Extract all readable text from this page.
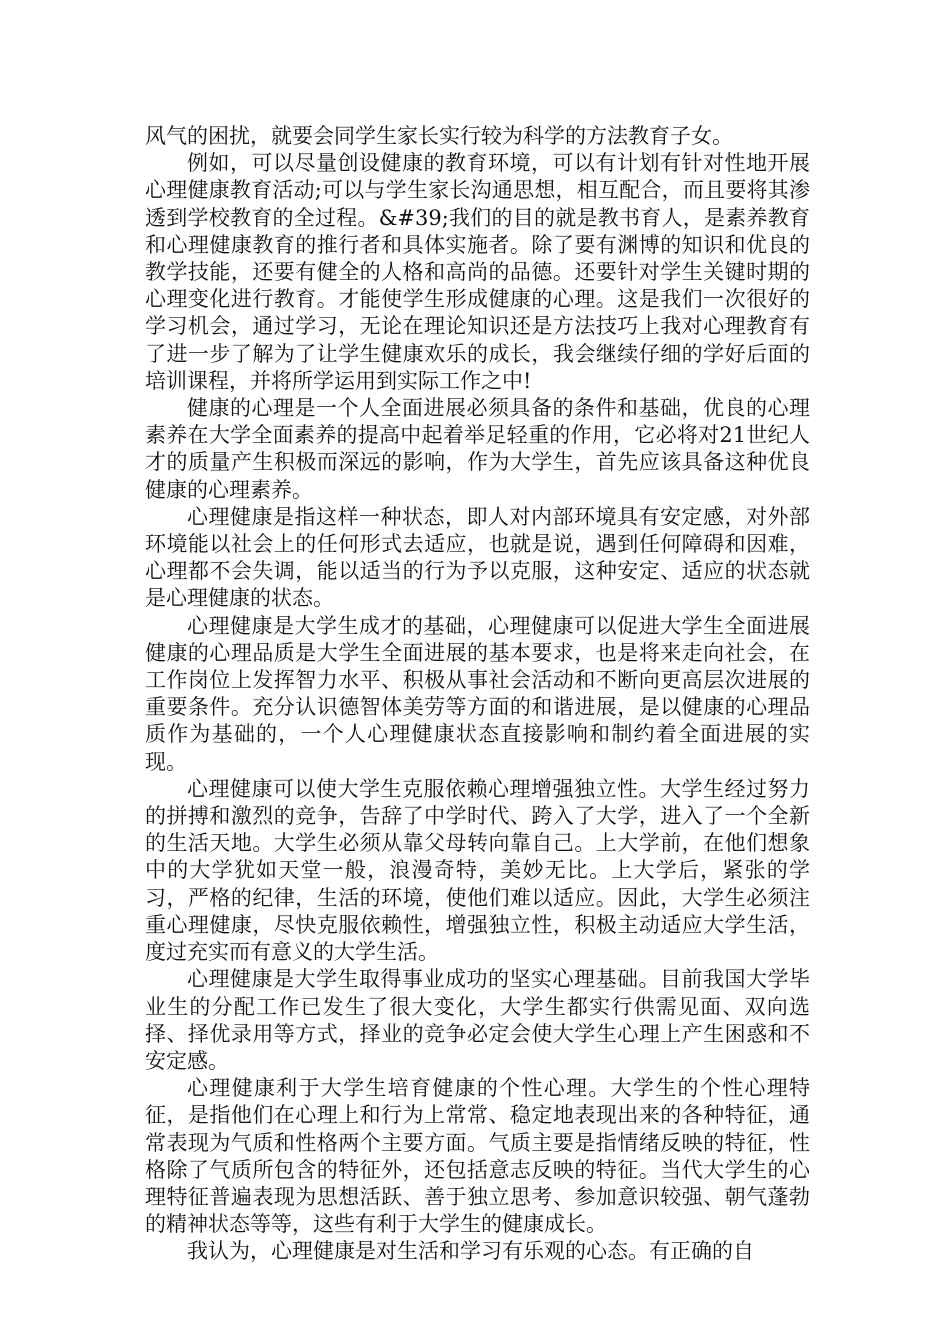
风气的困扰，就要会同学生家长实行较为科学的方法教育子女。

例如，可以尽量创设健康的教育环境，可以有计划有针对性地开展心理健康教育活动;可以与学生家长沟通思想，相互配合，而且要将其渗透到学校教育的全过程。&#39;我们的目的就是教书育人，是素养教育和心理健康教育的推行者和具体实施者。除了要有渊博的知识和优良的教学技能，还要有健全的人格和高尚的品德。还要针对学生关键时期的心理变化进行教育。才能使学生形成健康的心理。这是我们一次很好的学习机会，通过学习，无论在理论知识还是方法技巧上我对心理教育有了进一步了解为了让学生健康欢乐的成长，我会继续仔细的学好后面的培训课程，并将所学运用到实际工作之中!

健康的心理是一个人全面进展必须具备的条件和基础，优良的心理素养在大学全面素养的提高中起着举足轻重的作用，它必将对21世纪人才的质量产生积极而深远的影响，作为大学生，首先应该具备这种优良健康的心理素养。

心理健康是指这样一种状态，即人对内部环境具有安定感，对外部环境能以社会上的任何形式去适应，也就是说，遇到任何障碍和因难，心理都不会失调，能以适当的行为予以克服，这种安定、适应的状态就是心理健康的状态。

心理健康是大学生成才的基础，心理健康可以促进大学生全面进展健康的心理品质是大学生全面进展的基本要求，也是将来走向社会，在工作岗位上发挥智力水平、积极从事社会活动和不断向更高层次进展的重要条件。充分认识德智体美劳等方面的和谐进展，是以健康的心理品质作为基础的，一个人心理健康状态直接影响和制约着全面进展的实现。

心理健康可以使大学生克服依赖心理增强独立性。大学生经过努力的拼搏和激烈的竞争，告辞了中学时代、跨入了大学，进入了一个全新的生活天地。大学生必须从靠父母转向靠自己。上大学前，在他们想象中的大学犹如天堂一般，浪漫奇特，美妙无比。上大学后，紧张的学习，严格的纪律，生活的环境，使他们难以适应。因此，大学生必须注重心理健康，尽快克服依赖性，增强独立性，积极主动适应大学生活，度过充实而有意义的大学生活。

心理健康是大学生取得事业成功的坚实心理基础。目前我国大学毕业生的分配工作已发生了很大变化，大学生都实行供需见面、双向选择、择优录用等方式，择业的竞争必定会使大学生心理上产生困惑和不安定感。

心理健康利于大学生培育健康的个性心理。大学生的个性心理特征，是指他们在心理上和行为上常常、稳定地表现出来的各种特征，通常表现为气质和性格两个主要方面。气质主要是指情绪反映的特征，性格除了气质所包含的特征外，还包括意志反映的特征。当代大学生的心理特征普遍表现为思想活跃、善于独立思考、参加意识较强、朝气蓬勃的精神状态等等，这些有利于大学生的健康成长。

我认为，心理健康是对生活和学习有乐观的心态。有正确的自
